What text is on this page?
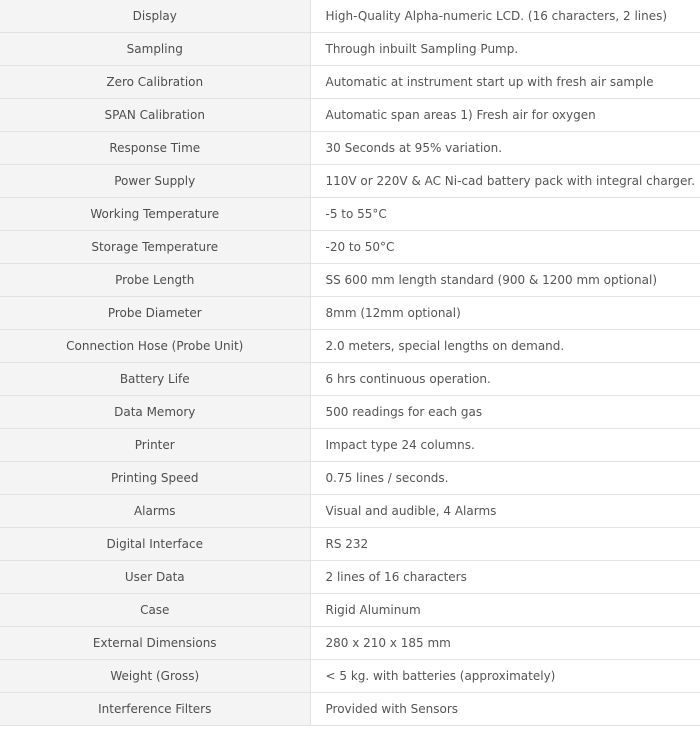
Display	High-Quality Alpha-numeric LCD. (16 characters, 2 lines)
Sampling	Through inbuilt Sampling Pump.
Zero Calibration	Automatic at instrument start up with fresh air sample
SPAN Calibration	Automatic span areas 1) Fresh air for oxygen
Response Time	30 Seconds at 95% variation.
Power Supply	110V or 220V & AC Ni-cad battery pack with integral charger.
Working Temperature	-5 to 55°C
Storage Temperature	-20 to 50°C
Probe Length	SS 600 mm length standard (900 & 1200 mm optional)
Probe Diameter	8mm (12mm optional)
Connection Hose (Probe Unit)	2.0 meters, special lengths on demand.
Battery Life	6 hrs continuous operation.
Data Memory	500 readings for each gas
Printer	Impact type 24 columns.
Printing Speed	0.75 lines / seconds.
Alarms	Visual and audible, 4 Alarms
Digital Interface	RS 232
User Data	2 lines of 16 characters
Case	Rigid Aluminum
External Dimensions	280 x 210 x 185 mm
Weight (Gross)	< 5 kg. with batteries (approximately)
Interference Filters	Provided with Sensors
